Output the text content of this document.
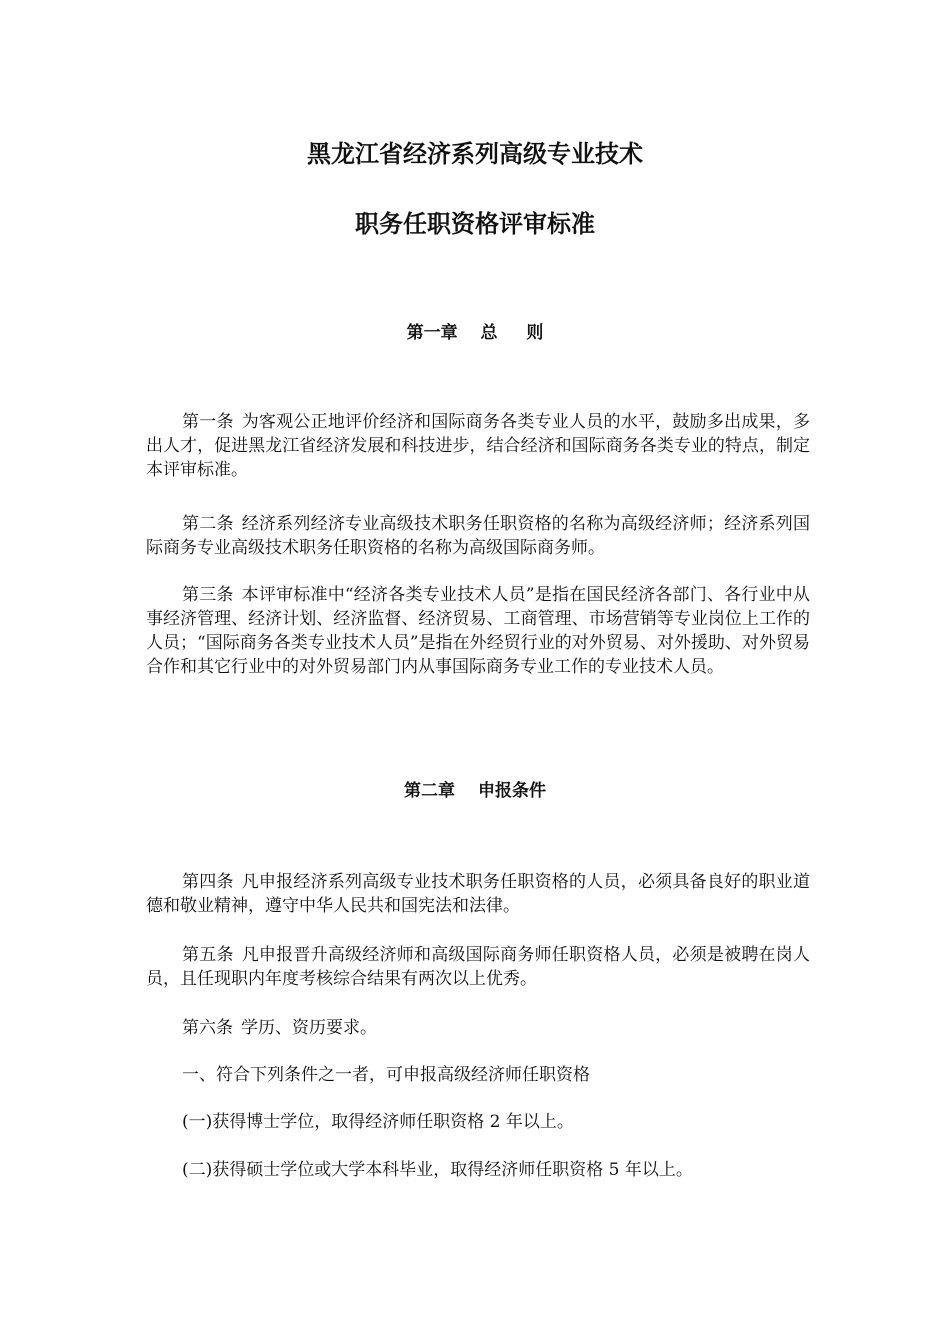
黑龙江省经济系列高级专业技术
职务任职资格评审标准
第一章　 总　  则
第一条 为客观公正地评价经济和国际商务各类专业人员的水平，鼓励多出成果，多出人才，促进黑龙江省经济发展和科技进步，结合经济和国际商务各类专业的特点，制定本评审标准。
第二条 经济系列经济专业高级技术职务任职资格的名称为高级经济师；经济系列国际商务专业高级技术职务任职资格的名称为高级国际商务师。
第三条 本评审标准中“经济各类专业技术人员”是指在国民经济各部门、各行业中从事经济管理、经济计划、经济监督、经济贸易、工商管理、市场营销等专业岗位上工作的人员；“国际商务各类专业技术人员”是指在外经贸行业的对外贸易、对外援助、对外贸易合作和其它行业中的对外贸易部门内从事国际商务专业工作的专业技术人员。
第二章　 申报条件
第四条 凡申报经济系列高级专业技术职务任职资格的人员，必须具备良好的职业道德和敬业精神，遵守中华人民共和国宪法和法律。
第五条 凡申报晋升高级经济师和高级国际商务师任职资格人员，必须是被聘在岗人员，且任现职内年度考核综合结果有两次以上优秀。
第六条 学历、资历要求。
一、符合下列条件之一者，可申报高级经济师任职资格
(一)获得博士学位，取得经济师任职资格 2 年以上。
(二)获得硕士学位或大学本科毕业，取得经济师任职资格 5 年以上。
